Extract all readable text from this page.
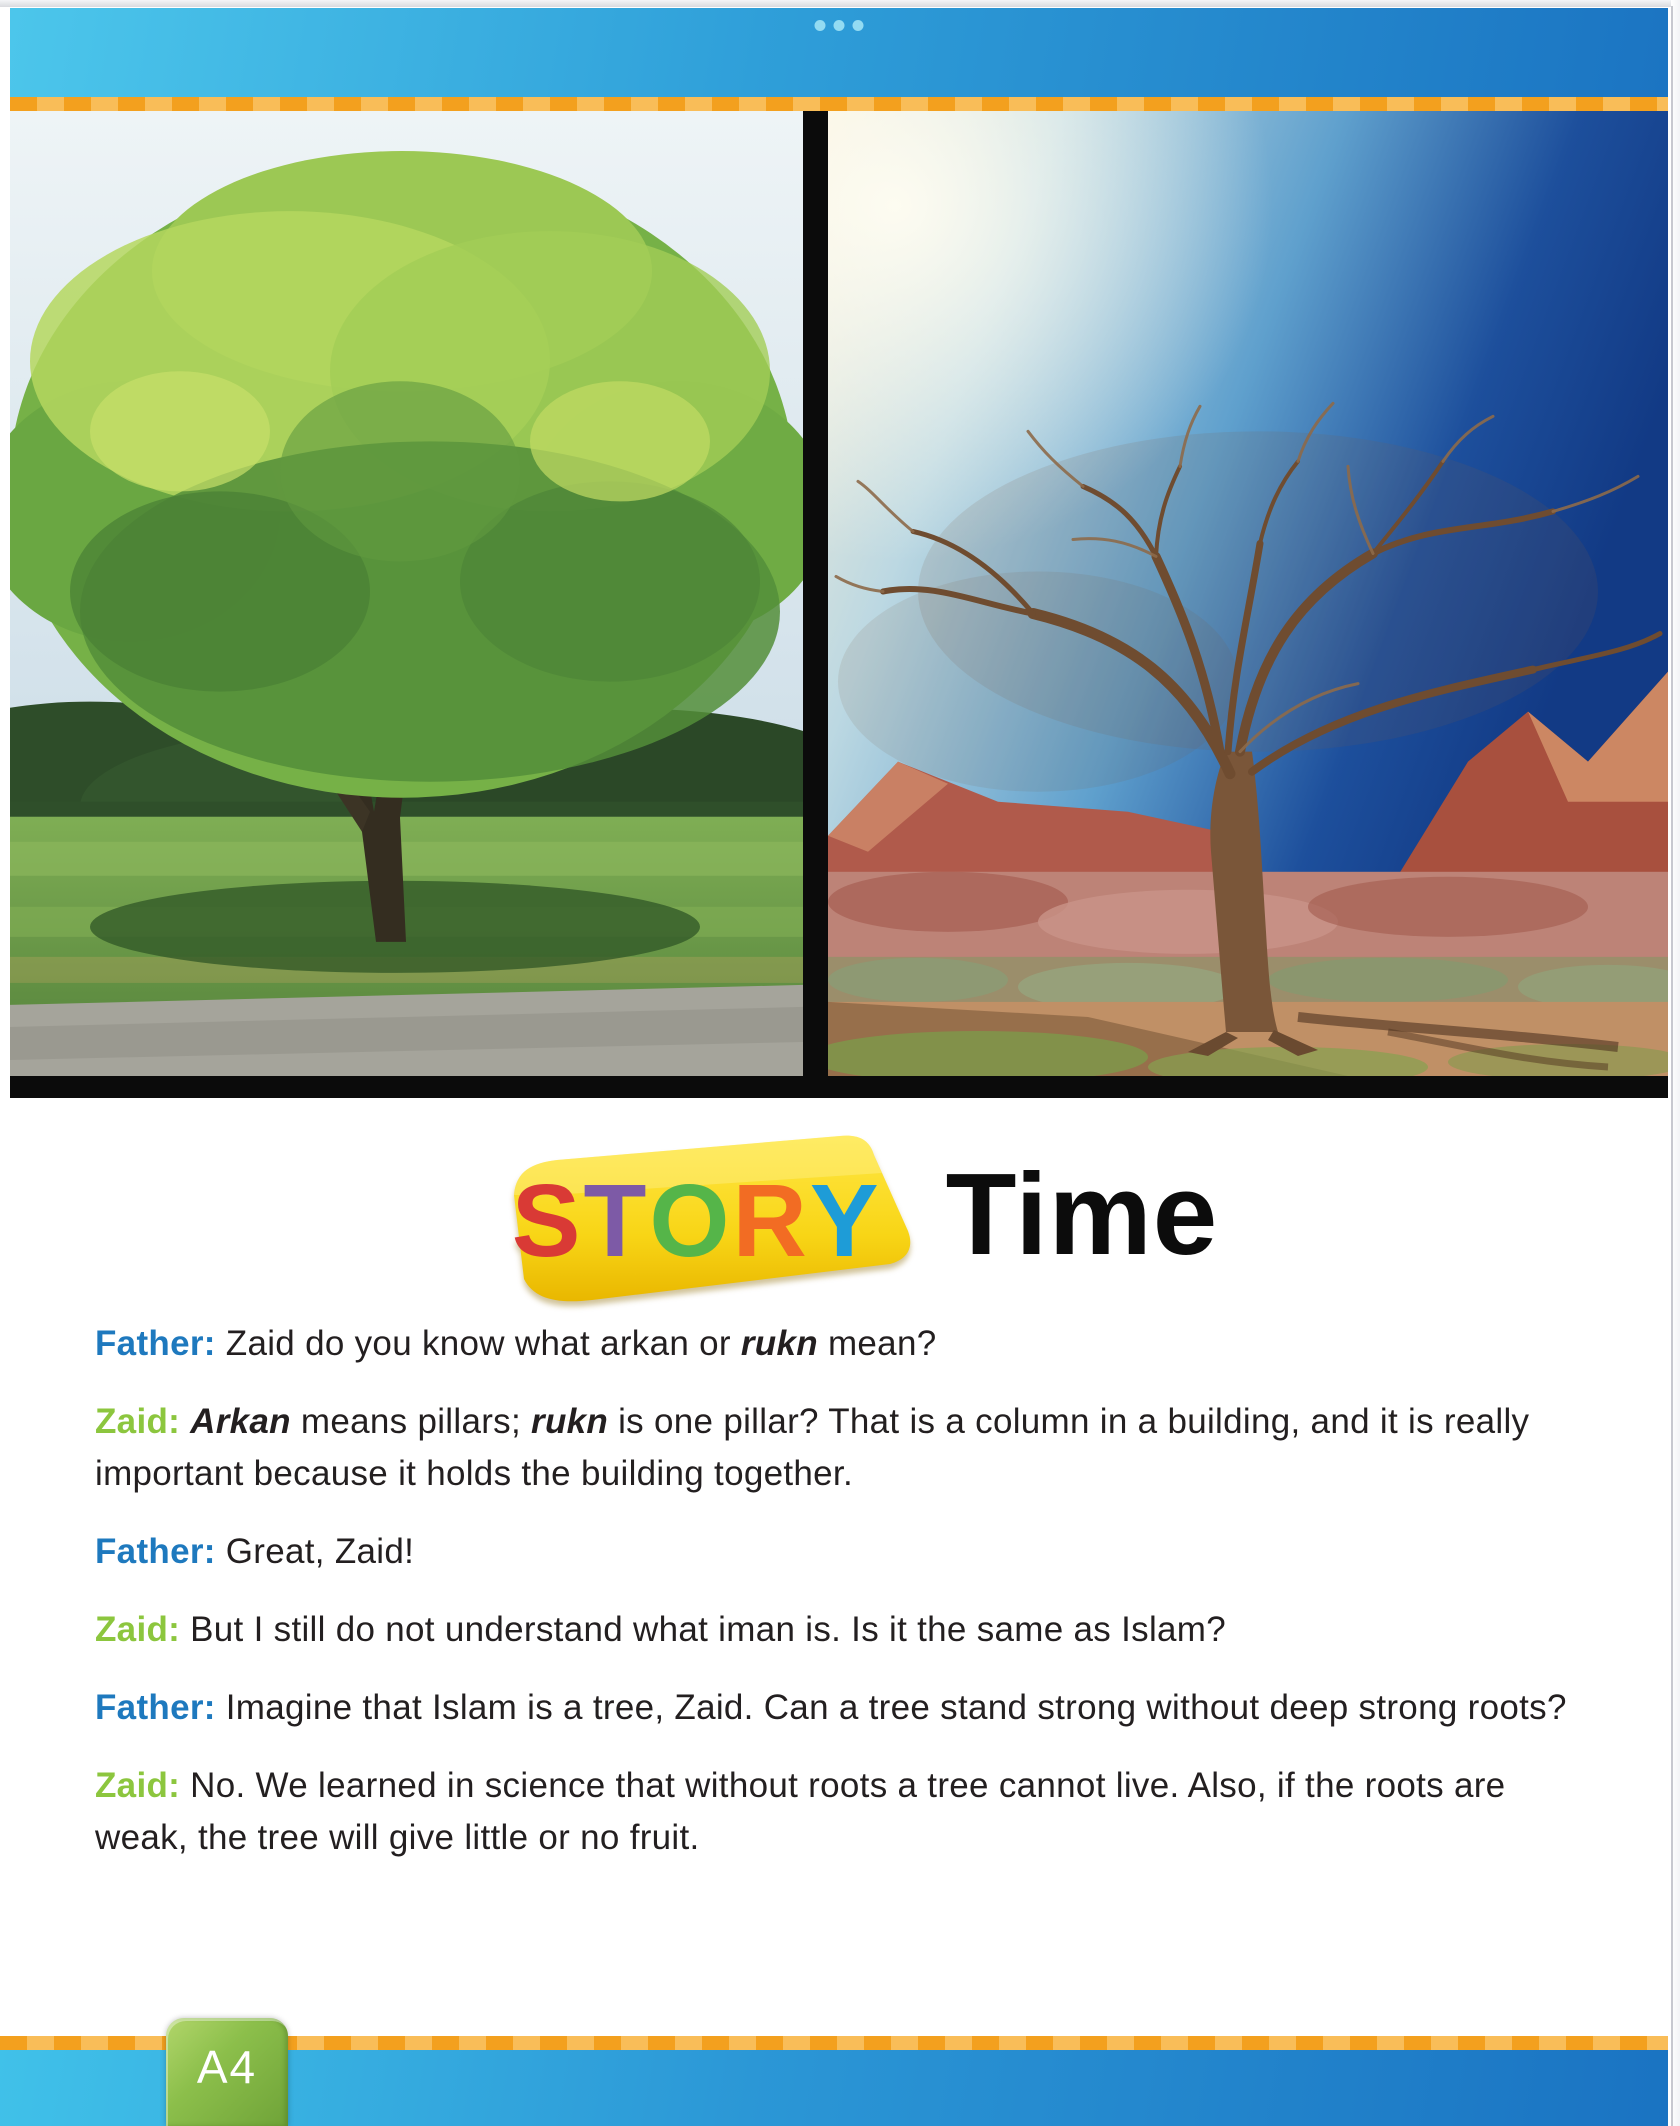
S T O R Y Time

Father: Zaid do you know what arkan or rukn mean?

Zaid: Arkan means pillars; rukn is one pillar? That is a column in a building, and it is really important because it holds the building together.

Father: Great, Zaid!

Zaid: But I still do not understand what iman is. Is it the same as Islam?

Father: Imagine that Islam is a tree, Zaid. Can a tree stand strong without deep strong roots?

Zaid: No. We learned in science that without roots a tree cannot live. Also, if the roots are weak, the tree will give little or no fruit.

A4
